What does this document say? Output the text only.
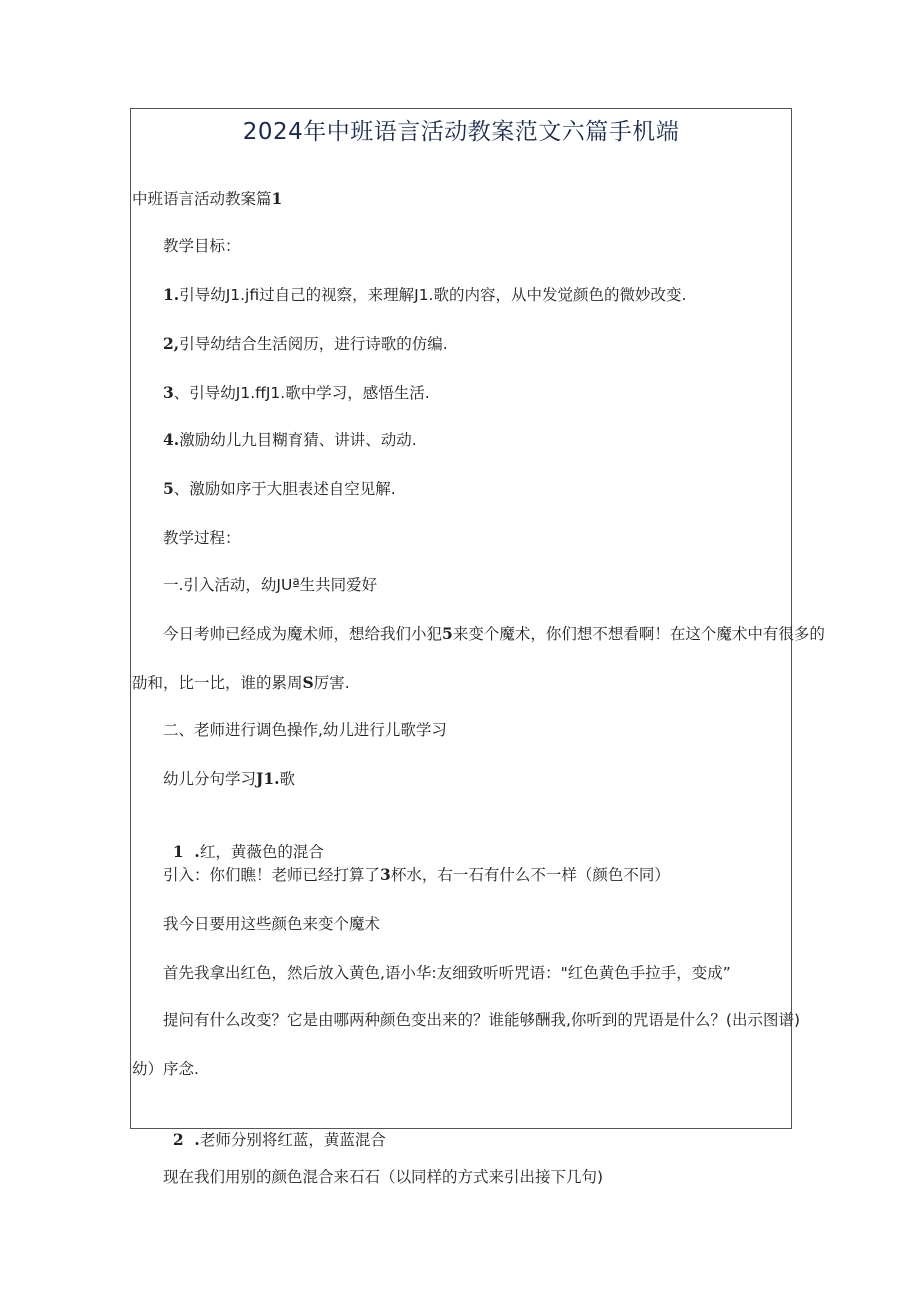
2024年中班语言活动教案范文六篇手机端
中班语言活动教案篇1
教学目标：
1.引导幼J1.jfi过自己的视察，来理解J1.歌的内容，从中发觉颜色的微妙改变.
2,引导幼结合生活阅历，进行诗歌的仿编.
3、引导幼J1.ffJ1.歌中学习，感悟生活.
4.激励幼儿九目糊育猜、讲讲、动动.
5、激励如序于大胆表述自空见解.
教学过程：
一.引入活动，幼JUª生共同爱好
今日考帅已经成为魔术师，想给我们小犯5来变个魔术，你们想不想看啊！在这个魔术中有很多的
劭和，比一比，谁的累周S厉害.
二、老师进行调色操作,幼儿进行儿歌学习
幼儿分句学习J1.歌

1  .红，黄薇色的混合

引入：你们瞧！老师已经打算了3杯水，右一石有什么不一样（颜色不同）
我今日要用这些颜色来变个魔术
首先我拿出红色，然后放入黄色,语小华:友细致听听咒语："红色黄色手拉手，变成”
提问有什么改变？它是由哪两种颜色变出来的？谁能够酬我,你听到的咒语是什么？(出示图谱)
幼）序念.

2  .老师分别将红蓝，黄蓝混合

现在我们用别的颜色混合来石石（以同样的方式来引出接下几句)
